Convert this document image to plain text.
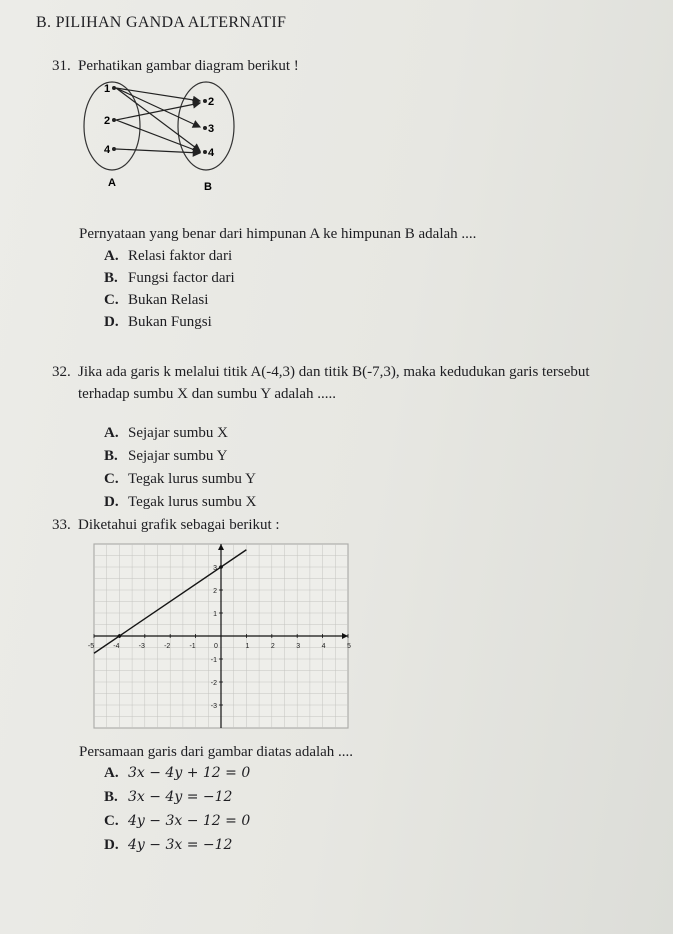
B. PILIHAN GANDA ALTERNATIF
31. Perhatikan gambar diagram berikut !
1
2
4
2
3
4
A	B
Pernyataan yang benar dari himpunan A ke himpunan B adalah ....
A. Relasi faktor dari
B. Fungsi factor dari
C. Bukan Relasi
D. Bukan Fungsi
32. Jika ada garis k melalui titik A(-4,3) dan titik B(-7,3), maka kedudukan garis tersebut
terhadap sumbu X dan sumbu Y adalah .....
A. Sejajar sumbu X
B. Sejajar sumbu Y
C. Tegak lurus sumbu Y
D. Tegak lurus sumbu X
33. Diketahui grafik sebagai berikut :
-5	-4	-3	-2	-1	0	1	2	3	4	5
3
2
1
-1
-2
-3
Persamaan garis dari gambar diatas adalah ....
A. 3x − 4y + 12 = 0
B. 3x − 4y = −12
C. 4y − 3x − 12 = 0
D. 4y − 3x = −12
